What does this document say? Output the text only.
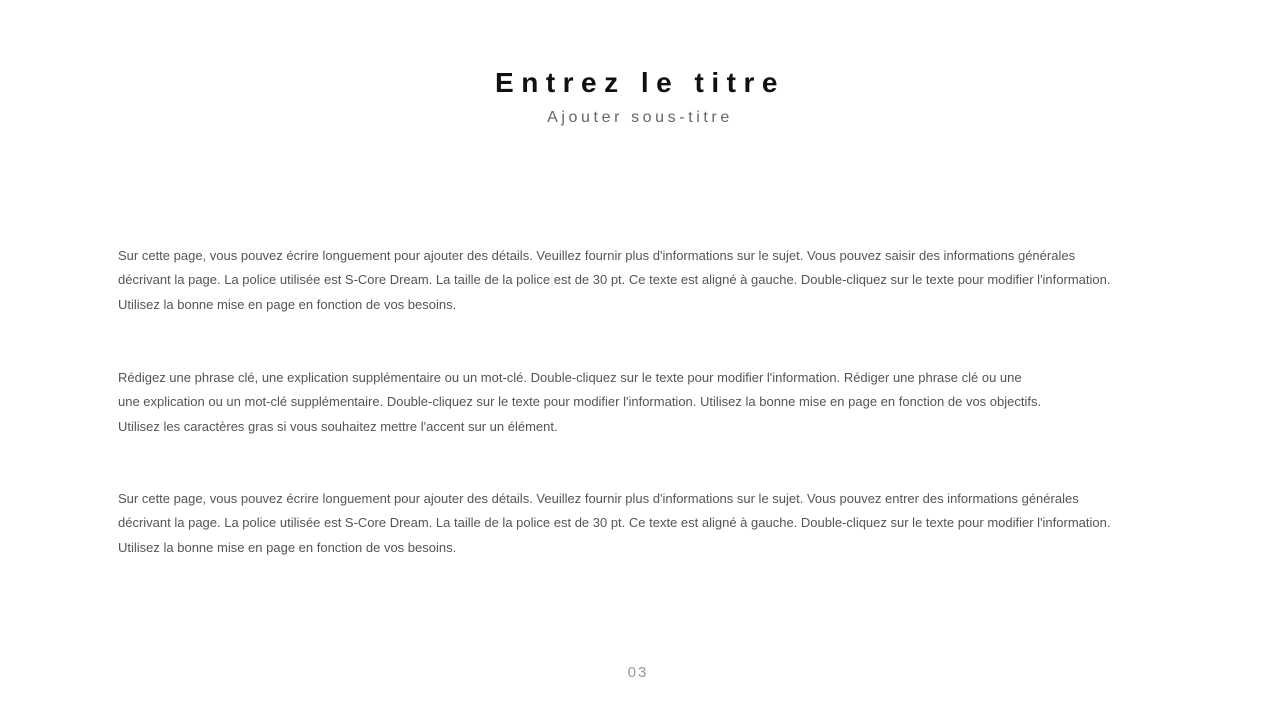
Entrez le titre
Ajouter sous-titre

Sur cette page, vous pouvez écrire longuement pour ajouter des détails. Veuillez fournir plus d'informations sur le sujet. Vous pouvez saisir des informations générales
décrivant la page. La police utilisée est S-Core Dream. La taille de la police est de 30 pt. Ce texte est aligné à gauche. Double-cliquez sur le texte pour modifier l'information.
Utilisez la bonne mise en page en fonction de vos besoins.

Rédigez une phrase clé, une explication supplémentaire ou un mot-clé. Double-cliquez sur le texte pour modifier l'information. Rédiger une phrase clé ou une
une explication ou un mot-clé supplémentaire. Double-cliquez sur le texte pour modifier l'information. Utilisez la bonne mise en page en fonction de vos objectifs.
Utilisez les caractères gras si vous souhaitez mettre l'accent sur un élément.

Sur cette page, vous pouvez écrire longuement pour ajouter des détails. Veuillez fournir plus d'informations sur le sujet. Vous pouvez entrer des informations générales
décrivant la page. La police utilisée est S-Core Dream. La taille de la police est de 30 pt. Ce texte est aligné à gauche. Double-cliquez sur le texte pour modifier l'information.
Utilisez la bonne mise en page en fonction de vos besoins.

03
